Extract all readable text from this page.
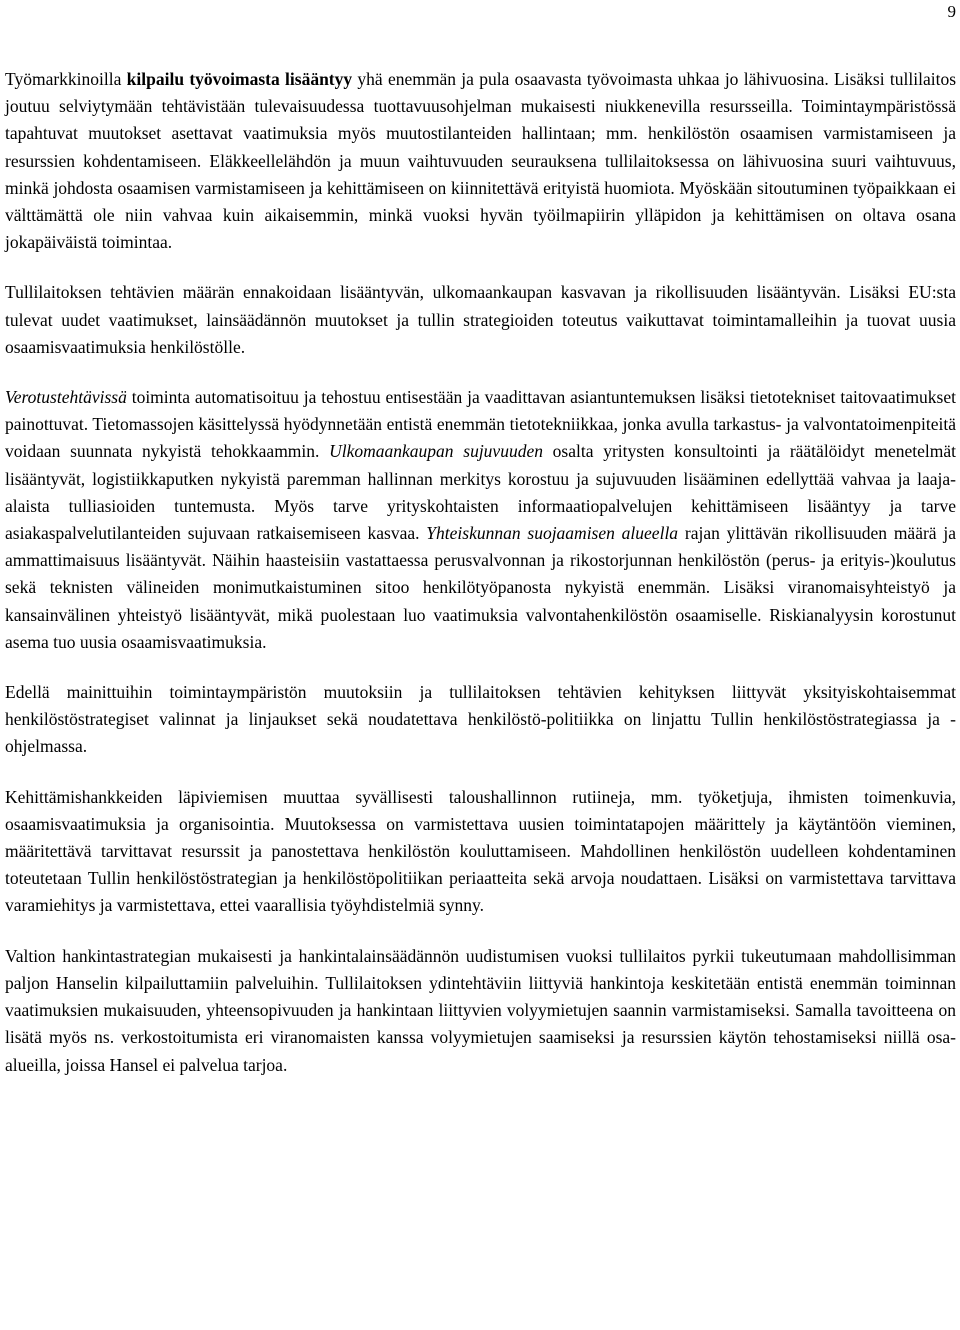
9

Työmarkkinoilla kilpailu työvoimasta lisääntyy yhä enemmän ja pula osaavasta työvoimasta uhkaa jo lähivuosina. Lisäksi tullilaitos joutuu selviytymään tehtävistään tulevaisuudessa tuottavuusohjelman mukaisesti niukkenevilla resursseilla. Toimintaympäristössä tapahtuvat muutokset asettavat vaatimuksia myös muutostilanteiden hallintaan; mm. henkilöstön osaamisen varmistamiseen ja resurssien kohdentamiseen. Eläkkeellelähdön ja muun vaihtuvuuden seurauksena tullilaitoksessa on lähivuosina suuri vaihtuvuus, minkä johdosta osaamisen varmistamiseen ja kehittämiseen on kiinnitettävä erityistä huomiota. Myöskään sitoutuminen työpaikkaan ei välttämättä ole niin vahvaa kuin aikaisemmin, minkä vuoksi hyvän työilmapiirin ylläpidon ja kehittämisen on oltava osana jokapäiväistä toimintaa.

Tullilaitoksen tehtävien määrän ennakoidaan lisääntyvän, ulkomaankaupan kasvavan ja rikollisuuden lisääntyvän. Lisäksi EU:sta tulevat uudet vaatimukset, lainsäädännön muutokset ja tullin strategioiden toteutus vaikuttavat toimintamalleihin ja tuovat uusia osaamisvaatimuksia henkilöstölle.

Verotustehtävissä toiminta automatisoituu ja tehostuu entisestään ja vaadittavan asiantuntemuksen lisäksi tietotekniset taitovaatimukset painottuvat. Tietomassojen käsittelyssä hyödynnetään entistä enemmän tietotekniikkaa, jonka avulla tarkastus- ja valvontatoimenpiteitä voidaan suunnata nykyistä tehokkaammin. Ulkomaankaupan sujuvuuden osalta yritysten konsultointi ja räätälöidyt menetelmät lisääntyvät, logistiikkaputken nykyistä paremman hallinnan merkitys korostuu ja sujuvuuden lisääminen edellyttää vahvaa ja laaja-alaista tulliasioiden tuntemusta. Myös tarve yrityskohtaisten informaatiopalvelujen kehittämiseen lisääntyy ja tarve asiakaspalvelutilanteiden sujuvaan ratkaisemiseen kasvaa. Yhteiskunnan suojaamisen alueella rajan ylittävän rikollisuuden määrä ja ammattimaisuus lisääntyvät. Näihin haasteisiin vastattaessa perusvalvonnan ja rikostorjunnan henkilöstön (perus- ja erityis-)koulutus sekä teknisten välineiden monimutkaistuminen sitoo henkilötyöpanosta nykyistä enemmän. Lisäksi viranomaisyhteistyö ja kansainvälinen yhteistyö lisääntyvät, mikä puolestaan luo vaatimuksia valvontahenkilöstön osaamiselle. Riskianalyysin korostunut asema tuo uusia osaamisvaatimuksia.

Edellä mainittuihin toimintaympäristön muutoksiin ja tullilaitoksen tehtävien kehityksen liittyvät yksityiskohtaisemmat henkilöstöstrategiset valinnat ja linjaukset sekä noudatettava henkilöstö-politiikka on linjattu Tullin henkilöstöstrategiassa ja -ohjelmassa.

Kehittämishankkeiden läpiviemisen muuttaa syvällisesti taloushallinnon rutiineja, mm. työketjuja, ihmisten toimenkuvia, osaamisvaatimuksia ja organisointia. Muutoksessa on varmistettava uusien toimintatapojen määrittely ja käytäntöön vieminen, määritettävä tarvittavat resurssit ja panostettava henkilöstön kouluttamiseen. Mahdollinen henkilöstön uudelleen kohdentaminen toteutetaan Tullin henkilöstöstrategian ja henkilöstöpolitiikan periaatteita sekä arvoja noudattaen. Lisäksi on varmistettava tarvittava varamiehitys ja varmistettava, ettei vaarallisia työyhdistelmiä synny.

Valtion hankintastrategian mukaisesti ja hankintalainsäädännön uudistumisen vuoksi tullilaitos pyrkii tukeutumaan mahdollisimman paljon Hanselin kilpailuttamiin palveluihin. Tullilaitoksen ydintehtäviin liittyviä hankintoja keskitetään entistä enemmän toiminnan vaatimuksien mukaisuuden, yhteensopivuuden ja hankintaan liittyvien volyymietujen saannin varmistamiseksi. Samalla tavoitteena on lisätä myös ns. verkostoitumista eri viranomaisten kanssa volyymietujen saamiseksi ja resurssien käytön tehostamiseksi niillä osa-alueilla, joissa Hansel ei palvelua tarjoa.
